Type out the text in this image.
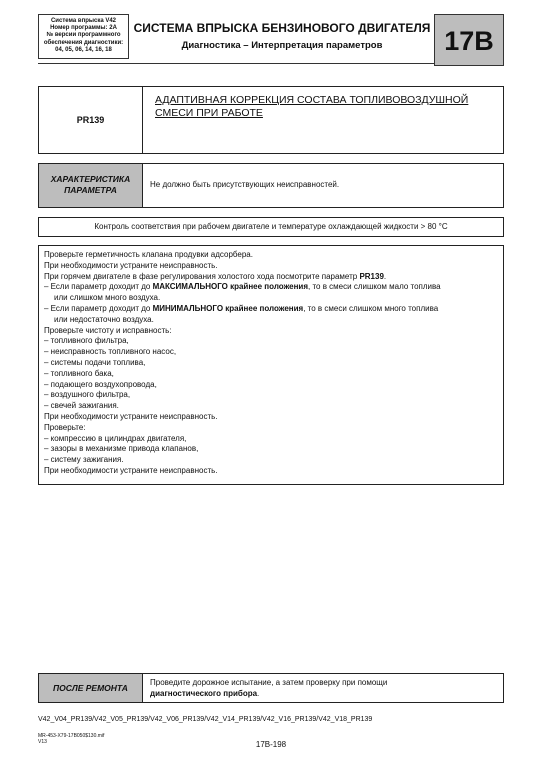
Система впрыска V42
Номер программы: 2A
№ версии программного
обеспечения диагностики:
04, 05, 06, 14, 16, 18
СИСТЕМА ВПРЫСКА БЕНЗИНОВОГО ДВИГАТЕЛЯ
Диагностика – Интерпретация параметров	17B
PR139
АДАПТИВНАЯ КОРРЕКЦИЯ СОСТАВА ТОПЛИВОВОЗДУШНОЙ
СМЕСИ ПРИ РАБОТЕ
ХАРАКТЕРИСТИКА
ПАРАМЕТРА
Не должно быть присутствующих неисправностей.
Контроль соответствия при рабочем двигателе и температуре охлаждающей жидкости > 80 °C
Проверьте герметичность клапана продувки адсорбера.
При необходимости устраните неисправность.
При горячем двигателе в фазе регулирования холостого хода посмотрите параметр PR139.
– Если параметр доходит до МАКСИМАЛЬНОГО крайнее положения, то в смеси слишком мало топлива
или слишком много воздуха.
– Если параметр доходит до МИНИМАЛЬНОГО крайнее положения, то в смеси слишком много топлива
или недостаточно воздуха.
Проверьте чистоту и исправность:
– топливного фильтра,
– неисправность топливного насос,
– системы подачи топлива,
– топливного бака,
– подающего воздухопровода,
– воздушного фильтра,
– свечей зажигания.
При необходимости устраните неисправность.
Проверьте:
– компрессию в цилиндрах двигателя,
– зазоры в механизме привода клапанов,
– систему зажигания.
При необходимости устраните неисправность.
ПОСЛЕ РЕМОНТА
Проведите дорожное испытание, а затем проверку при помощи
диагностического прибора.
V42_V04_PR139/V42_V05_PR139/V42_V06_PR139/V42_V14_PR139/V42_V16_PR139/V42_V18_PR139
MR-453-X79-17B050$130.mif
V13	17B-198
